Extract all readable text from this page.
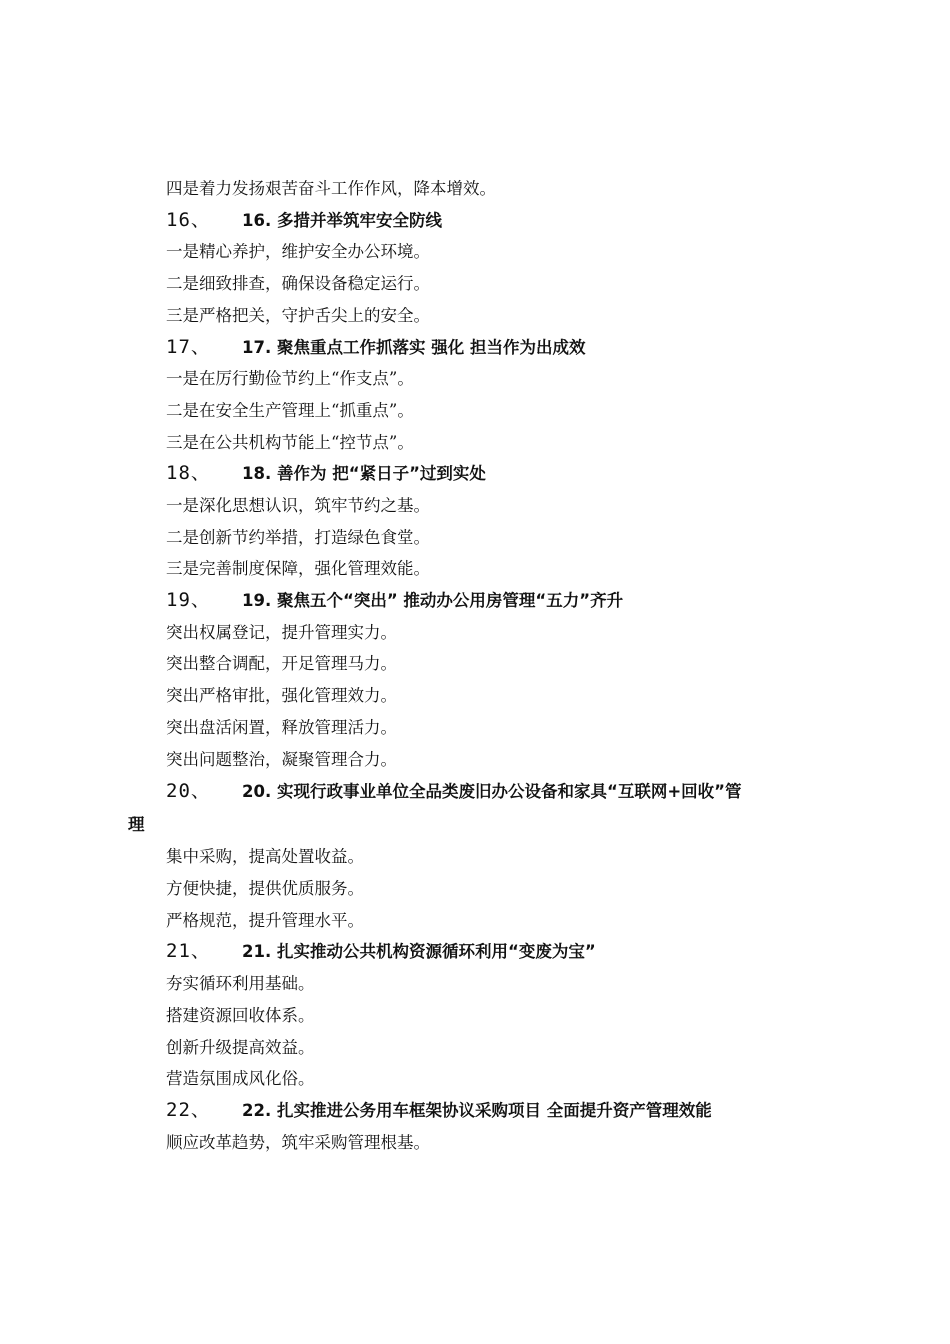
四是着力发扬艰苦奋斗工作作风，降本增效。
16、 16. 多措并举筑牢安全防线
一是精心养护，维护安全办公环境。
二是细致排查，确保设备稳定运行。
三是严格把关，守护舌尖上的安全。
17、 17. 聚焦重点工作抓落实 强化 担当作为出成效
一是在厉行勤俭节约上“作支点”。
二是在安全生产管理上“抓重点”。
三是在公共机构节能上“控节点”。
18、 18. 善作为 把“紧日子”过到实处
一是深化思想认识，筑牢节约之基。
二是创新节约举措，打造绿色食堂。
三是完善制度保障，强化管理效能。
19、 19. 聚焦五个“突出” 推动办公用房管理“五力”齐升
突出权属登记，提升管理实力。
突出整合调配，开足管理马力。
突出严格审批，强化管理效力。
突出盘活闲置，释放管理活力。
突出问题整治，凝聚管理合力。
20、 20. 实现行政事业单位全品类废旧办公设备和家具“互联网+回收”管
理
集中采购，提高处置收益。
方便快捷，提供优质服务。
严格规范，提升管理水平。
21、 21. 扎实推动公共机构资源循环利用“变废为宝”
夯实循环利用基础。
搭建资源回收体系。
创新升级提高效益。
营造氛围成风化俗。
22、 22. 扎实推进公务用车框架协议采购项目 全面提升资产管理效能
顺应改革趋势，筑牢采购管理根基。
